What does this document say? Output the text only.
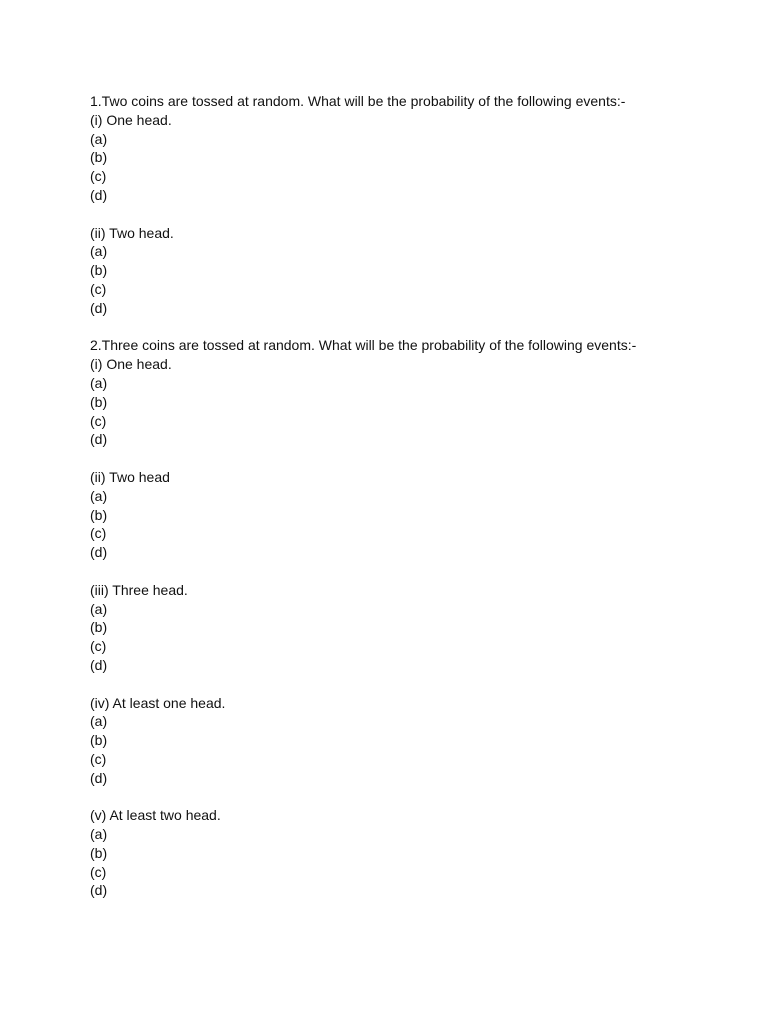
1.Two coins are tossed at random. What will be the probability of the following events:-
(i) One head.
(a)
(b)
(c)
(d)
(ii) Two head.
(a)
(b)
(c)
(d)
2.Three coins are tossed at random. What will be the probability of the following events:-
(i) One head.
(a)
(b)
(c)
(d)
(ii) Two head
(a)
(b)
(c)
(d)
(iii) Three head.
(a)
(b)
(c)
(d)
(iv) At least one head.
(a)
(b)
(c)
(d)
(v) At least two head.
(a)
(b)
(c)
(d)
